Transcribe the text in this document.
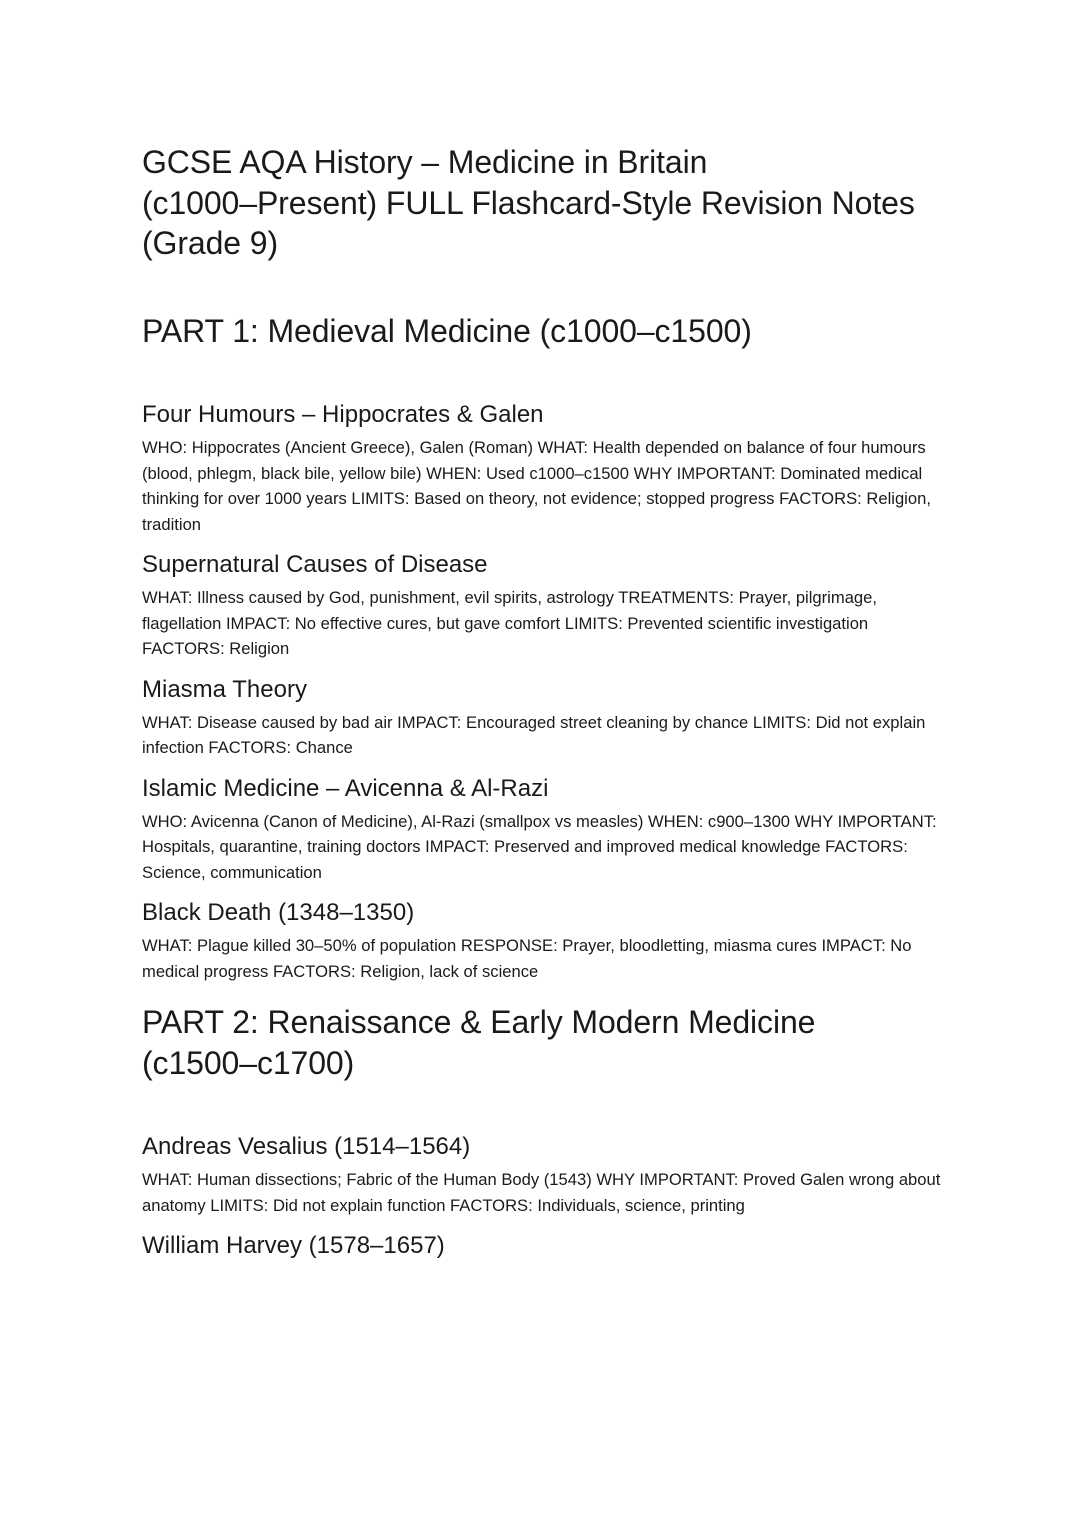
GCSE AQA History – Medicine in Britain
(c1000–Present) FULL Flashcard-Style Revision Notes
(Grade 9)
PART 1: Medieval Medicine (c1000–c1500)
Four Humours – Hippocrates & Galen

WHO: Hippocrates (Ancient Greece), Galen (Roman) WHAT: Health depended on balance of four humours (blood, phlegm, black bile, yellow bile) WHEN: Used c1000–c1500 WHY IMPORTANT: Dominated medical thinking for over 1000 years LIMITS: Based on theory, not evidence; stopped progress FACTORS: Religion, tradition

Supernatural Causes of Disease

WHAT: Illness caused by God, punishment, evil spirits, astrology TREATMENTS: Prayer, pilgrimage, flagellation IMPACT: No effective cures, but gave comfort LIMITS: Prevented scientific investigation FACTORS: Religion

Miasma Theory

WHAT: Disease caused by bad air IMPACT: Encouraged street cleaning by chance LIMITS: Did not explain infection FACTORS: Chance

Islamic Medicine – Avicenna & Al-Razi

WHO: Avicenna (Canon of Medicine), Al-Razi (smallpox vs measles) WHEN: c900–1300 WHY IMPORTANT: Hospitals, quarantine, training doctors IMPACT: Preserved and improved medical knowledge FACTORS: Science, communication

Black Death (1348–1350)

WHAT: Plague killed 30–50% of population RESPONSE: Prayer, bloodletting, miasma cures IMPACT: No medical progress FACTORS: Religion, lack of science

PART 2: Renaissance & Early Modern Medicine
(c1500–c1700)
Andreas Vesalius (1514–1564)

WHAT: Human dissections; Fabric of the Human Body (1543) WHY IMPORTANT: Proved Galen wrong about anatomy LIMITS: Did not explain function FACTORS: Individuals, science, printing

William Harvey (1578–1657)
